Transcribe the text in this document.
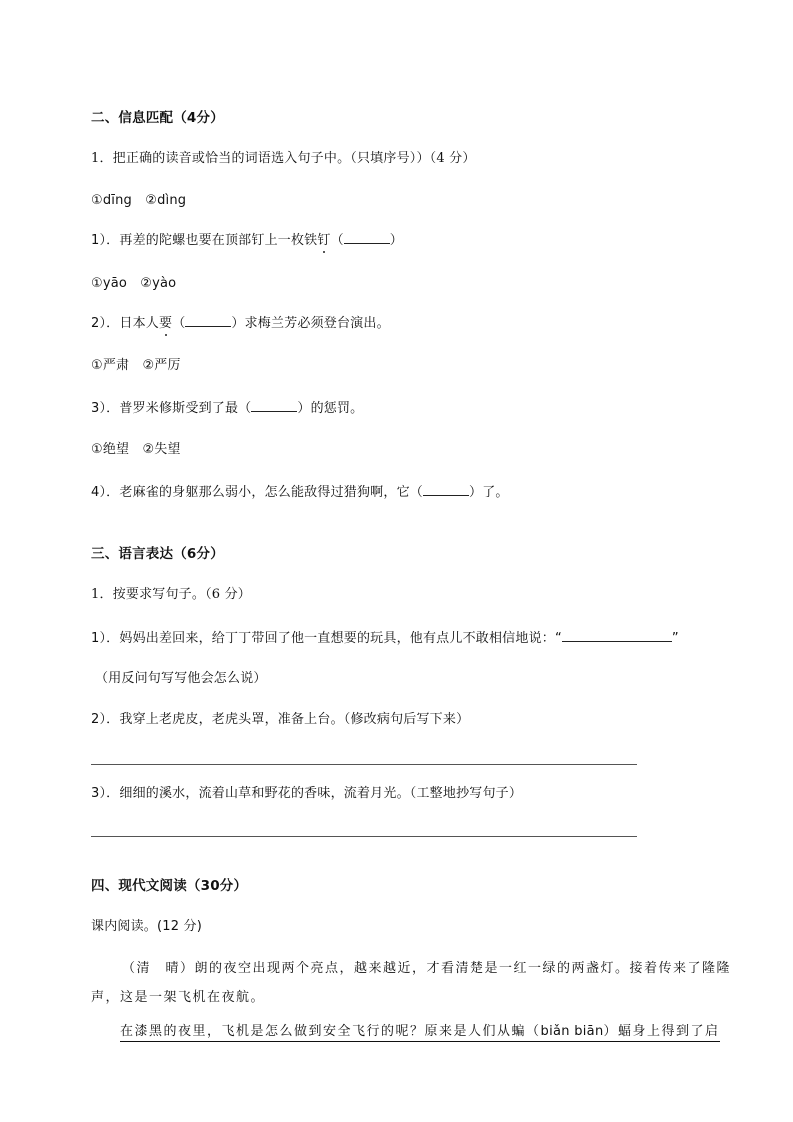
二、信息匹配（4分）
1．把正确的读音或恰当的词语选入句子中。（只填序号））（4 分）
①dīng　②dìng
1）．再差的陀螺也要在顶部钉上一枚铁钉（	）
①yāo　②yào
2）．日本人要（	）求梅兰芳必须登台演出。
①严肃　②严厉
3）．普罗米修斯受到了最（	）的惩罚。
①绝望　②失望
4）．老麻雀的身躯那么弱小，怎么能敌得过猎狗啊，它（	）了。
三、语言表达（6分）
1．按要求写句子。（6 分）
1）．妈妈出差回来，给丁丁带回了他一直想要的玩具，他有点儿不敢相信地说：“	”
（用反问句写写他会怎么说）
2）．我穿上老虎皮，老虎头罩，准备上台。（修改病句后写下来）
3）．细细的溪水，流着山草和野花的香味，流着月光。（工整地抄写句子）
四、现代文阅读（30分）
课内阅读。(12 分)
（清　晴）朗的夜空出现两个亮点，越来越近，才看清楚是一红一绿的两盏灯。接着传来了隆隆
声，这是一架飞机在夜航。
在漆黑的夜里，飞机是怎么做到安全飞行的呢？原来是人们从蝙（biǎn biān）蝠身上得到了启
